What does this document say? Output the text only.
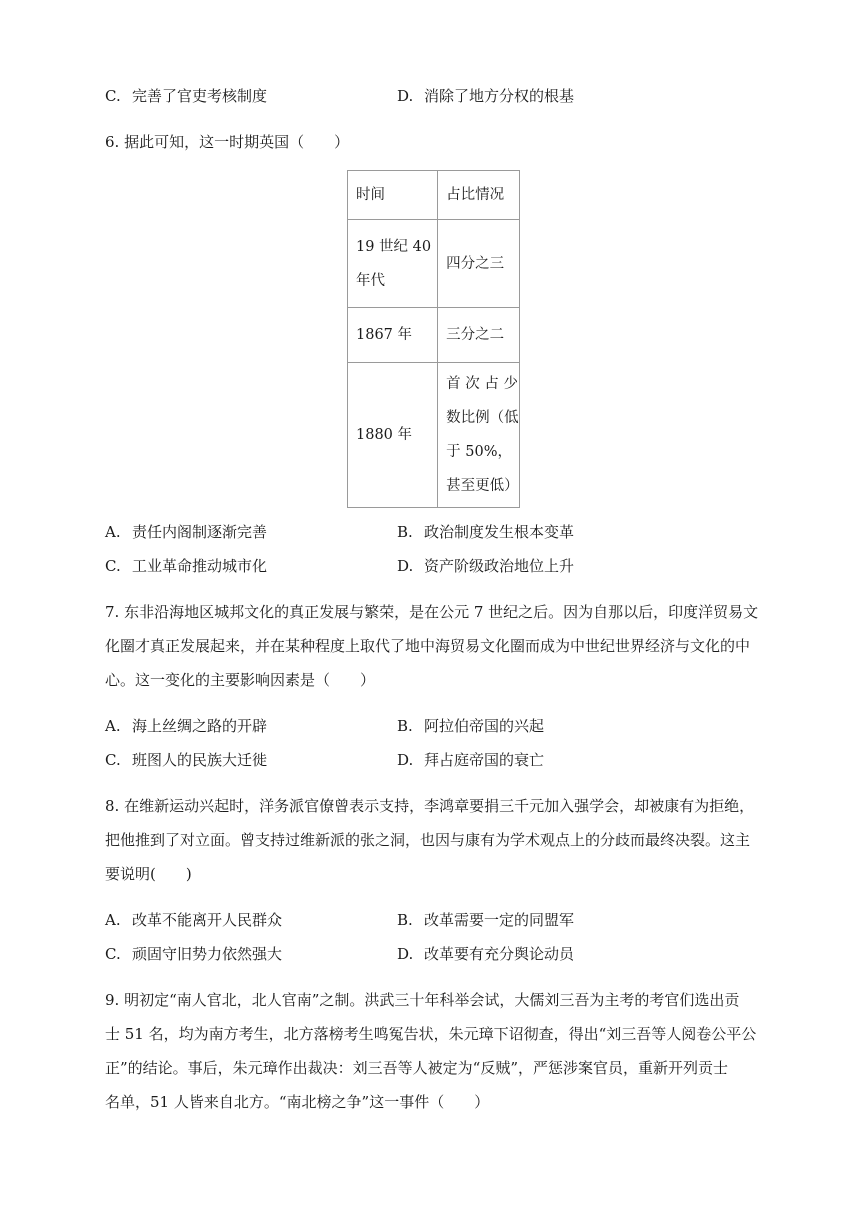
C. 完善了官吏考核制度	D. 消除了地方分权的根基
6. 据此可知，这一时期英国（　　）
时间	占比情况
19 世纪 40 年代	四分之三
1867 年	三分之二
1880 年	首 次 占 少 数比例（低于 50%，甚至更低）
A. 责任内阁制逐渐完善	B. 政治制度发生根本变革
C. 工业革命推动城市化	D. 资产阶级政治地位上升
7. 东非沿海地区城邦文化的真正发展与繁荣，是在公元 7 世纪之后。因为自那以后，印度洋贸易文
化圈才真正发展起来，并在某种程度上取代了地中海贸易文化圈而成为中世纪世界经济与文化的中
心。这一变化的主要影响因素是（　　）
A. 海上丝绸之路的开辟	B. 阿拉伯帝国的兴起
C. 班图人的民族大迁徙	D. 拜占庭帝国的衰亡
8. 在维新运动兴起时，洋务派官僚曾表示支持，李鸿章要捐三千元加入强学会，却被康有为拒绝，
把他推到了对立面。曾支持过维新派的张之洞，也因与康有为学术观点上的分歧而最终决裂。这主
要说明(　　)
A. 改革不能离开人民群众	B. 改革需要一定的同盟军
C. 顽固守旧势力依然强大	D. 改革要有充分舆论动员
9. 明初定“南人官北，北人官南”之制。洪武三十年科举会试，大儒刘三吾为主考的考官们选出贡
士 51 名，均为南方考生，北方落榜考生鸣冤告状，朱元璋下诏彻查，得出“刘三吾等人阅卷公平公
正”的结论。事后，朱元璋作出裁决：刘三吾等人被定为“反贼”，严惩涉案官员，重新开列贡士
名单，51 人皆来自北方。“南北榜之争”这一事件（　　）
